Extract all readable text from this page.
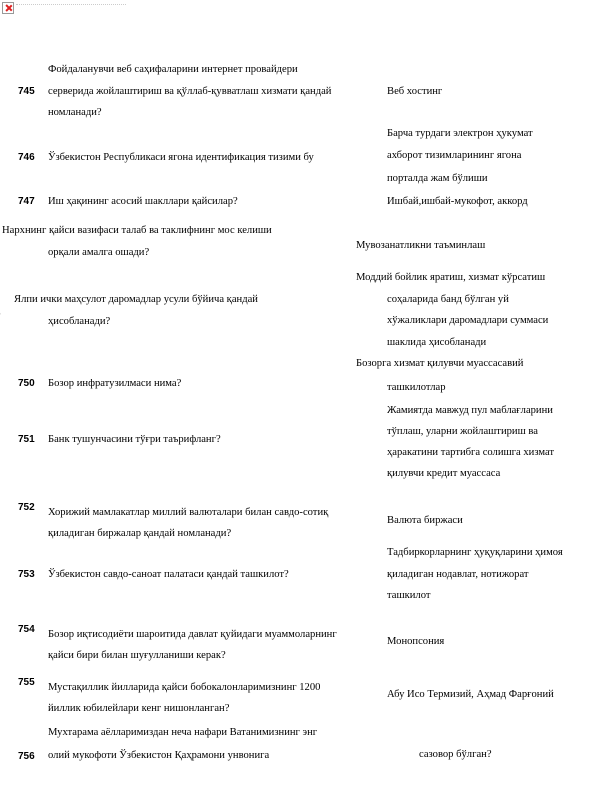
745
Фойдаланувчи веб саҳифаларини интернет провайдери
серверида жойлаштириш ва қўллаб-қувватлаш хизмати қандай
номланади?
Веб хостинг
746 Ўзбекистон Республикаси ягона идентификация тизими бу
Барча турдаги электрон ҳукумат
ахборот тизимларининг ягона
порталда жам бўлиши
747 Иш ҳақининг асосий шакллари қайсилар?	Ишбай,ишбай-мукофот, аккорд
Нархнинг қайси вазифаси талаб ва таклифнинг мос келиши
орқали амалга ошади?
Мувозанатликни таъминлаш
Ялпи ички маҳсулот даромадлар усули бўйича қандай
ҳисобланади?
Моддий бойлик яратиш, хизмат кўрсатиш
соҳаларида банд бўлган уй
хўжаликлари даромадлари суммаси
шаклида ҳисобланади
750 Бозор инфратузилмаси нима?
Бозорга хизмат қилувчи муассасавий
ташкилотлар
751 Банк тушунчасини тўғри таърифланг?
Жамиятда мавжуд пул маблағларини
тўплаш, уларни жойлаштириш ва
ҳаракатини тартибга солишга хизмат
қилувчи кредит муассаса
752 Хорижий мамлакатлар миллий валюталари билан савдо-сотиқ
қиладиган биржалар қандай номланади?
Валюта биржаси
753 Ўзбекистон савдо-саноат палатаси қандай ташкилот?
Тадбиркорларнинг ҳуқуқларини ҳимоя
қиладиган нодавлат, нотижорат
ташкилот
754 Бозор иқтисодиёти шароитида давлат қуйидаги муаммоларнинг
қайси бири билан шуғулланиши керак?
Монопсония
755 Мустақиллик йилларида қайси бобокалонларимизнинг 1200
йиллик юбилейлари кенг нишонланган?
Абу Исо Термизий, Аҳмад Фарғоний
756
Мухтарама аёлларимиздан неча нафари Ватанимизнинг энг
олий мукофоти Ўзбекистон Қаҳрамони унвонига	сазовор бўлган?
